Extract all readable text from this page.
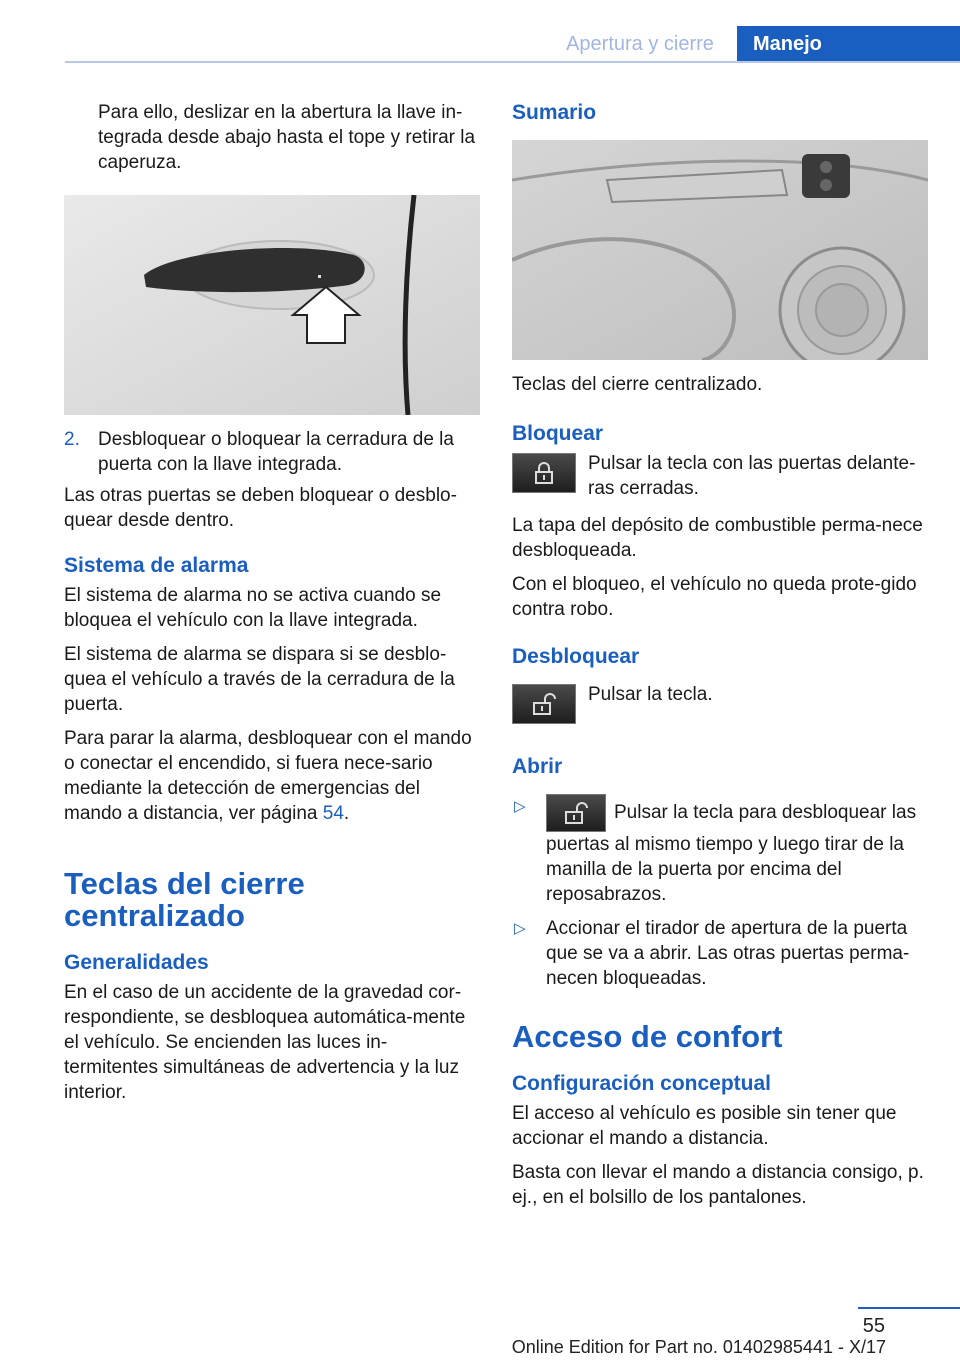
Apertura y cierre	Manejo

Para ello, deslizar en la abertura la llave in-tegrada desde abajo hasta el tope y retirar la caperuza.

2. Desbloquear o bloquear la cerradura de la puerta con la llave integrada.

Las otras puertas se deben bloquear o desblo-quear desde dentro.

Sistema de alarma

El sistema de alarma no se activa cuando se bloquea el vehículo con la llave integrada.

El sistema de alarma se dispara si se desblo-quea el vehículo a través de la cerradura de la puerta.

Para parar la alarma, desbloquear con el mando o conectar el encendido, si fuera nece-sario mediante la detección de emergencias del mando a distancia, ver página 54.

Teclas del cierre centralizado
Generalidades

En el caso de un accidente de la gravedad cor-respondiente, se desbloquea automática-mente el vehículo. Se encienden las luces in-termitentes simultáneas de advertencia y la luz interior.

Sumario

Teclas del cierre centralizado.

Bloquear
Pulsar la tecla con las puertas delante-ras cerradas.

La tapa del depósito de combustible perma-nece desbloqueada.

Con el bloqueo, el vehículo no queda prote-gido contra robo.

Desbloquear
Pulsar la tecla.
Abrir
▷	Pulsar la tecla para desbloquear las puertas al mismo tiempo y luego tirar de la manilla de la puerta por encima del reposabrazos.
▷ Accionar el tirador de apertura de la puerta que se va a abrir. Las otras puertas perma-necen bloqueadas.
Acceso de confort
Configuración conceptual

El acceso al vehículo es posible sin tener que accionar el mando a distancia.

Basta con llevar el mando a distancia consigo, p. ej., en el bolsillo de los pantalones.

55
Online Edition for Part no. 01402985441 - X/17
